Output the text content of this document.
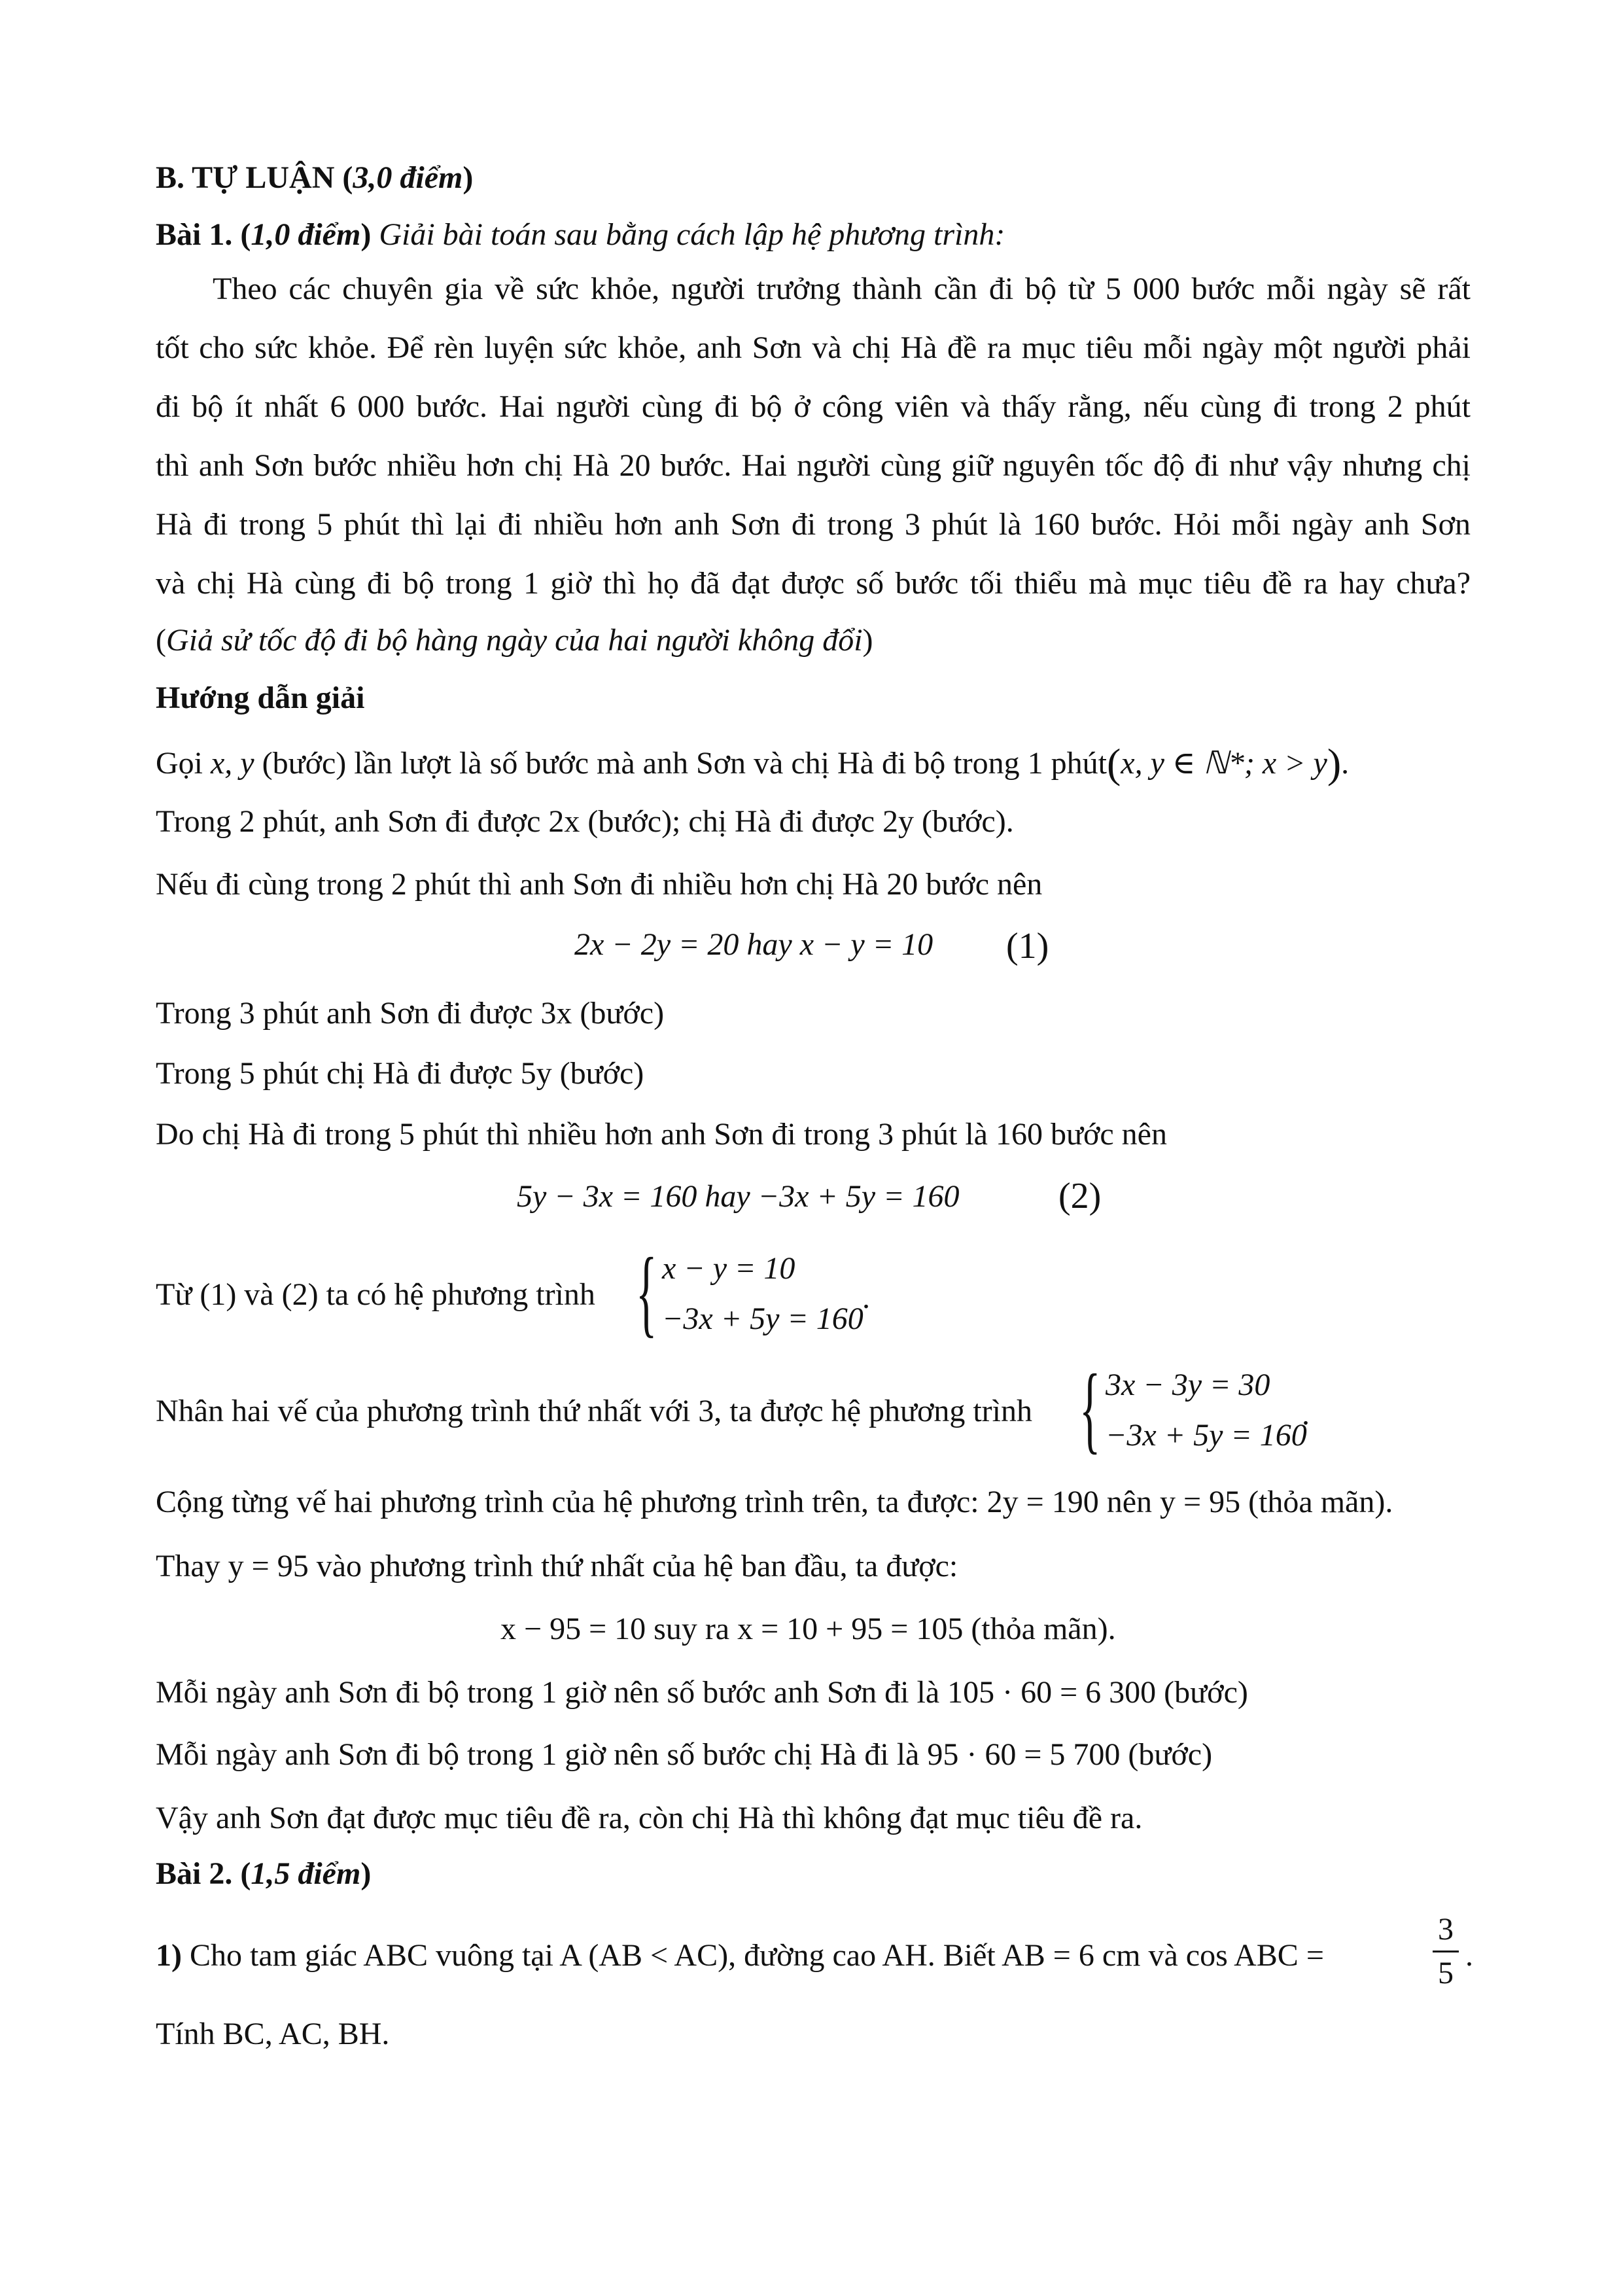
B. TỰ LUẬN (3,0 điểm)
Bài 1. (1,0 điểm) Giải bài toán sau bằng cách lập hệ phương trình:
Theo các chuyên gia về sức khỏe, người trưởng thành cần đi bộ từ 5 000 bước mỗi ngày sẽ rất
tốt cho sức khỏe. Để rèn luyện sức khỏe, anh Sơn và chị Hà đề ra mục tiêu mỗi ngày một người phải
đi bộ ít nhất 6 000 bước. Hai người cùng đi bộ ở công viên và thấy rằng, nếu cùng đi trong 2 phút
thì anh Sơn bước nhiều hơn chị Hà 20 bước. Hai người cùng giữ nguyên tốc độ đi như vậy nhưng chị
Hà đi trong 5 phút thì lại đi nhiều hơn anh Sơn đi trong 3 phút là 160 bước. Hỏi mỗi ngày anh Sơn
và chị Hà cùng đi bộ trong 1 giờ thì họ đã đạt được số bước tối thiểu mà mục tiêu đề ra hay chưa?
(Giả sử tốc độ đi bộ hàng ngày của hai người không đổi)
Hướng dẫn giải
Gọi x, y (bước) lần lượt là số bước mà anh Sơn và chị Hà đi bộ trong 1 phút(x, y ∈ ℕ*; x > y).
Trong 2 phút, anh Sơn đi được 2x (bước); chị Hà đi được 2y (bước).
Nếu đi cùng trong 2 phút thì anh Sơn đi nhiều hơn chị Hà 20 bước nên
2x − 2y = 20 hay x − y = 10 (1)
Trong 3 phút anh Sơn đi được 3x (bước)
Trong 5 phút chị Hà đi được 5y (bước)
Do chị Hà đi trong 5 phút thì nhiều hơn anh Sơn đi trong 3 phút là 160 bước nên
5y − 3x = 160 hay −3x + 5y = 160	(2)
Từ (1) và (2) ta có hệ phương trình { x − y = 10
−3x + 5y = 160
.
Nhân hai vế của phương trình thứ nhất với 3, ta được hệ phương trình { 3x − 3y = 30
−3x + 5y = 160
.
Cộng từng vế hai phương trình của hệ phương trình trên, ta được: 2y = 190 nên y = 95 (thỏa mãn).
Thay y = 95 vào phương trình thứ nhất của hệ ban đầu, ta được:
x − 95 = 10 suy ra x = 10 + 95 = 105 (thỏa mãn).
Mỗi ngày anh Sơn đi bộ trong 1 giờ nên số bước anh Sơn đi là 105 · 60 = 6 300 (bước)
Mỗi ngày anh Sơn đi bộ trong 1 giờ nên số bước chị Hà đi là 95 · 60 = 5 700 (bước)
Vậy anh Sơn đạt được mục tiêu đề ra, còn chị Hà thì không đạt mục tiêu đề ra.
Bài 2. (1,5 điểm)
1) Cho tam giác ABC vuông tại A (AB < AC), đường cao AH. Biết AB = 6 cm và cos ABC =
3
5
.
Tính BC, AC, BH.
